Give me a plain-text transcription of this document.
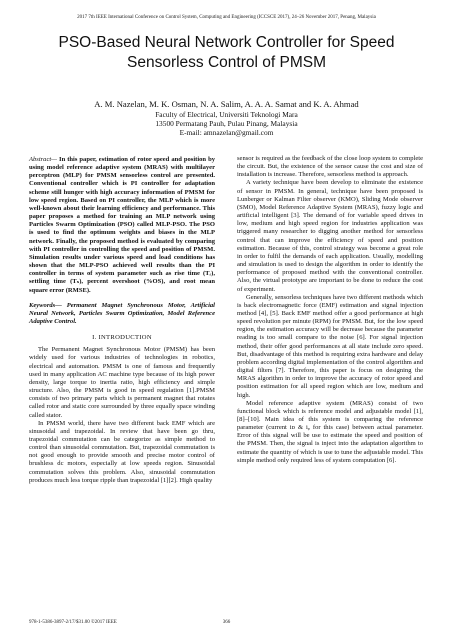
2017 7th IEEE International Conference on Control System, Computing and Engineering (ICCSCE 2017), 24–26 November 2017, Penang, Malaysia
PSO-Based Neural Network Controller for Speed Sensorless Control of PMSM
A. M. Nazelan, M. K. Osman, N. A. Salim, A. A. A. Samat and K. A. Ahmad
Faculty of Electrical, Universiti Teknologi Mara
13500 Permatang Pauh, Pulau Pinang, Malaysia
E-mail: amnazelan@gmail.com

Abstract— In this paper, estimation of rotor speed and position by using model reference adaptive system (MRAS) with multilayer perceptron (MLP) for PMSM sensorless control are presented. Conventional controller which is PI controller for adaptation scheme still hunger with high accuracy information of PMSM for low speed region. Based on PI controller, the MLP which is more well-known about their learning efficiency and performance. This paper proposes a method for training an MLP network using Particles Swarm Optimization (PSO) called MLP-PSO. The PSO is used to find the optimum weights and biases in the MLP network. Finally, the proposed method is evaluated by comparing with PI controller in controlling the speed and position of PMSM. Simulation results under various speed and load conditions has shown that the MLP-PSO achieved well results than the PI controller in terms of system parameter such as rise time (Tᵣ), settling time (Tₛ), percent overshoot (%OS), and root mean square error (RMSE).

Keywords— Permanent Magnet Synchronous Motor, Artificial Neural Network, Particles Swarm Optimization, Model Reference Adaptive Control.

I. INTRODUCTION

The Permanent Magnet Synchronous Motor (PMSM) has been widely used for various industries of technologies in robotics, electrical and automation. PMSM is one of famous and frequently used in many application AC machine type because of its high power density, large torque to inertia ratio, high efficiency and simple structure. Also, the PMSM is good in speed regulation [1].PMSM consists of two primary parts which is permanent magnet that rotates called rotor and static core surrounded by three equally space winding called stator.

In PMSM world, there have two different back EMF which are sinusoidal and trapezoidal. In review that have been go thru, trapezoidal commutation can be categorize as simple method to control than sinusoidal commutation. But, trapezoidal commutation is not good enough to provide smooth and precise motor control of brushless dc motors, especially at low speeds region. Sinusoidal commutation solves this problem. Also, sinusoidal commutation produces much less torque ripple than trapezoidal [1][2]. High quality

sensor is required as the feedback of the close loop system to complete the circuit. But, the existence of the sensor cause the cost and size of installation is increase. Therefore, sensorless method is approach.

A variety technique have been develop to eliminate the existence of sensor in PMSM. In general, technique have been proposed is Lunberger or Kalman Filter observer (KMO), Sliding Mode observer (SMO), Model Reference Adaptive System (MRAS), fuzzy logic and artificial intelligent [3]. The demand of for variable speed drives in low, medium and high speed region for industries application was triggered many researcher to digging another method for sensorless control that can improve the efficiency of speed and position estimation. Because of this, control strategy was become a great role in order to fulfil the demands of each application. Usually, modelling and simulation is used to design the algorithm in order to identify the performance of proposed method with the conventional controller. Also, the virtual prototype are important to be done to reduce the cost of experiment.

Generally, sensorless techniques have two different methods which is back electromagnetic force (EMF) estimation and signal injection method [4], [5]. Back EMF method offer a good performance at high speed revolution per minute (RPM) for PMSM. But, for the low speed region, the estimation accuracy will be decrease because the parameter reading is too small compare to the noise [6]. For signal injection method, their offer good performances at all state include zero speed. But, disadvantage of this method is requiring extra hardware and delay problem according digital implementation of the control algorithm and digital filters [7]. Therefore, this paper is focus on designing the MRAS algorithm in order to improve the accuracy of rotor speed and position estimation for all speed region which are low, medium and high.

Model reference adaptive system (MRAS) consist of two functional block which is reference model and adjustable model [1], [8]–[10]. Main idea of this system is comparing the reference parameter (current iᴅ & iᵩ for this case) between actual parameter. Error of this signal will be use to estimate the speed and position of the PMSM. Then, the signal is inject into the adaptation algorithm to estimate the quantity of which is use to tune the adjustable model. This simple method only required less of system computation [6].

978-1-5386-3897-2/17/$31.00 ©2017 IEEE	366
